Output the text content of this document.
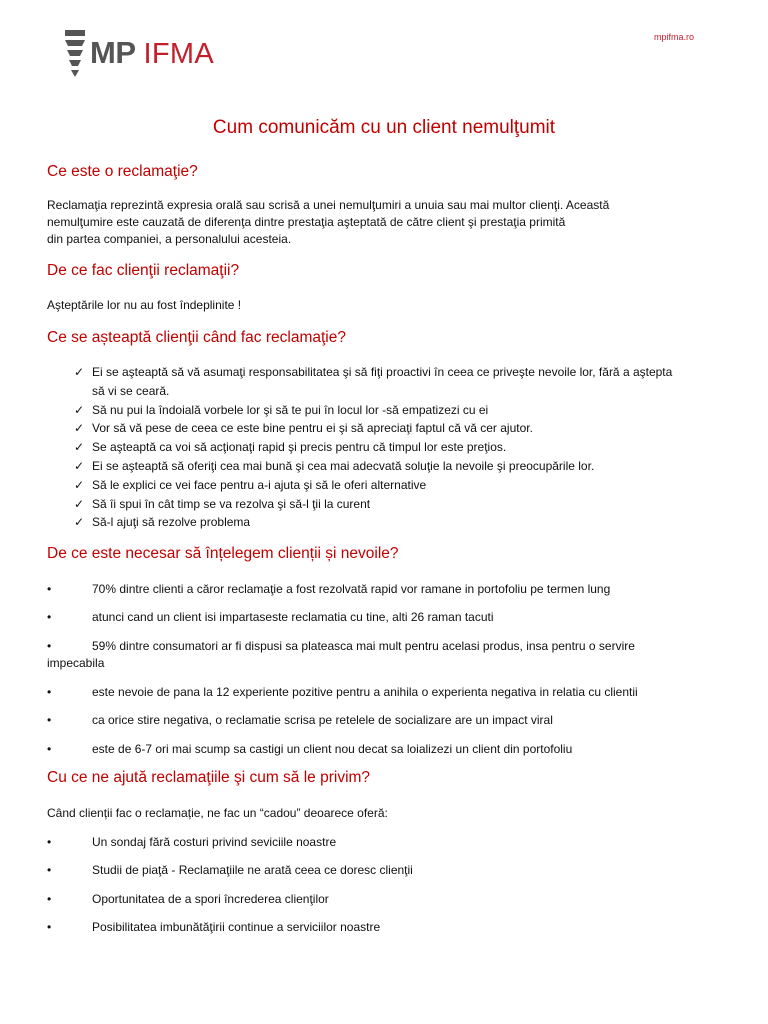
MP IFMA
mpifma.ro
Cum comunicăm cu un client nemulţumit
Ce este o reclamaţie?

Reclamaţia reprezintă expresia orală sau scrisă a unei nemulţumiri a unuia sau mai multor clienţi. Această

nemulţumire este cauzată de diferenţa dintre prestaţia aşteptată de către client şi prestaţia primită

din partea companiei, a personalului acesteia.

De ce fac clienţii reclamaţii?

Aşteptările lor nu au fost îndeplinite !

Ce se așteaptă clienţii când fac reclamaţie?
✓ Ei se aşteaptă să vă asumaţi responsabilitatea şi să fiţi proactivi în ceea ce priveşte nevoile lor, fără a aştepta
să vi se ceară.
✓ Să nu pui la îndoială vorbele lor şi să te pui în locul lor -să empatizezi cu ei
✓ Vor să vă pese de ceea ce este bine pentru ei şi să apreciaţi faptul că vă cer ajutor.
✓ Se aşteaptă ca voi să acţionaţi rapid şi precis pentru că timpul lor este preţios.
✓ Ei se aşteaptă să oferiţi cea mai bună şi cea mai adecvată soluţie la nevoile şi preocupările lor.
✓ Să le explici ce vei face pentru a-i ajuta şi să le oferi alternative
✓ Să îi spui în cât timp se va rezolva şi să-l ţii la curent
✓ Să-l ajuţi să rezolve problema
De ce este necesar să înțelegem clienții și nevoile?
•	70% dintre clienti a căror reclamaţie a fost rezolvată rapid vor ramane in portofoliu pe termen lung
•	atunci cand un client isi impartaseste reclamatia cu tine, alti 26 raman tacuti
•	59% dintre consumatori ar fi dispusi sa plateasca mai mult pentru acelasi produs, insa pentru o servire
impecabila
•	este nevoie de pana la 12 experiente pozitive pentru a anihila o experienta negativa in relatia cu clientii
•	ca orice stire negativa, o reclamatie scrisa pe retelele de socializare are un impact viral
•	este de 6-7 ori mai scump sa castigi un client nou decat sa loializezi un client din portofoliu
Cu ce ne ajută reclamaţiile şi cum să le privim?

Când clienții fac o reclamație, ne fac un “cadou” deoarece oferă:

•	Un sondaj fără costuri privind seviciile noastre
•	Studii de piaţă - Reclamaţiile ne arată ceea ce doresc clienţii
•	Oportunitatea de a spori încrederea clienţilor
•	Posibilitatea imbunătăţirii continue a serviciilor noastre
